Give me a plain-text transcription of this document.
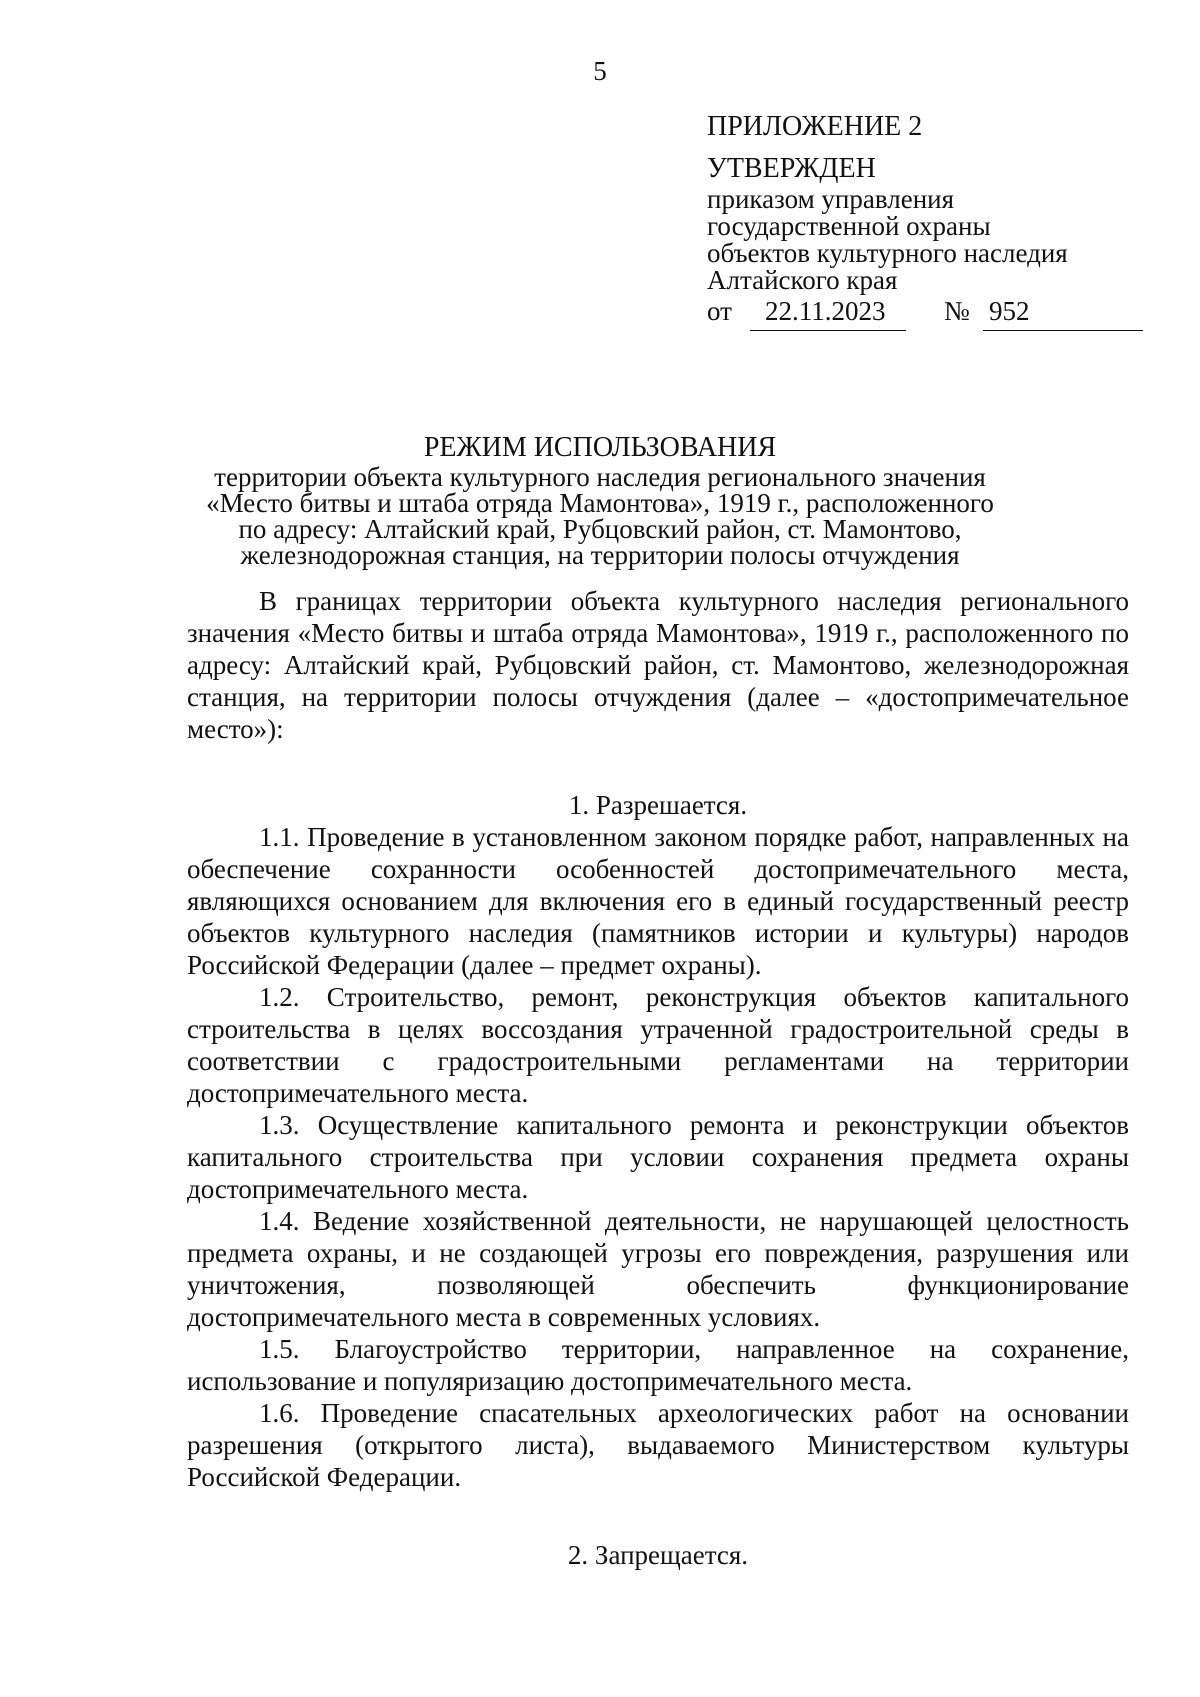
5

ПРИЛОЖЕНИЕ 2

УТВЕРЖДЕН

приказом управления

государственной охраны

объектов культурного наследия

Алтайского края

от 22.11.2023 № 952

РЕЖИМ ИСПОЛЬЗОВАНИЯ

территории объекта культурного наследия регионального значения

«Место битвы и штаба отряда Мамонтова», 1919 г., расположенного

по адресу: Алтайский край, Рубцовский район, ст. Мамонтово,

железнодорожная станция, на территории полосы отчуждения

В границах территории объекта культурного наследия регионального значения «Место битвы и штаба отряда Мамонтова», 1919 г., расположенного по адресу: Алтайский край, Рубцовский район, ст. Мамонтово, железнодорожная станция, на территории полосы отчуждения (далее – «достопримечательное место»):

1. Разрешается.

1.1. Проведение в установленном законом порядке работ, направленных на обеспечение сохранности особенностей достопримечательного места, являющихся основанием для включения его в единый государственный реестр объектов культурного наследия (памятников истории и культуры) народов Российской Федерации (далее – предмет охраны).

1.2. Строительство, ремонт, реконструкция объектов капитального строительства в целях воссоздания утраченной градостроительной среды в соответствии с градостроительными регламентами на территории достопримечательного места.

1.3. Осуществление капитального ремонта и реконструкции объектов капитального строительства при условии сохранения предмета охраны достопримечательного места.

1.4. Ведение хозяйственной деятельности, не нарушающей целостность предмета охраны, и не создающей угрозы его повреждения, разрушения или уничтожения, позволяющей обеспечить функционирование достопримечательного места в современных условиях.

1.5. Благоустройство территории, направленное на сохранение, использование и популяризацию достопримечательного места.

1.6. Проведение спасательных археологических работ на основании разрешения (открытого листа), выдаваемого Министерством культуры Российской Федерации.

2. Запрещается.
